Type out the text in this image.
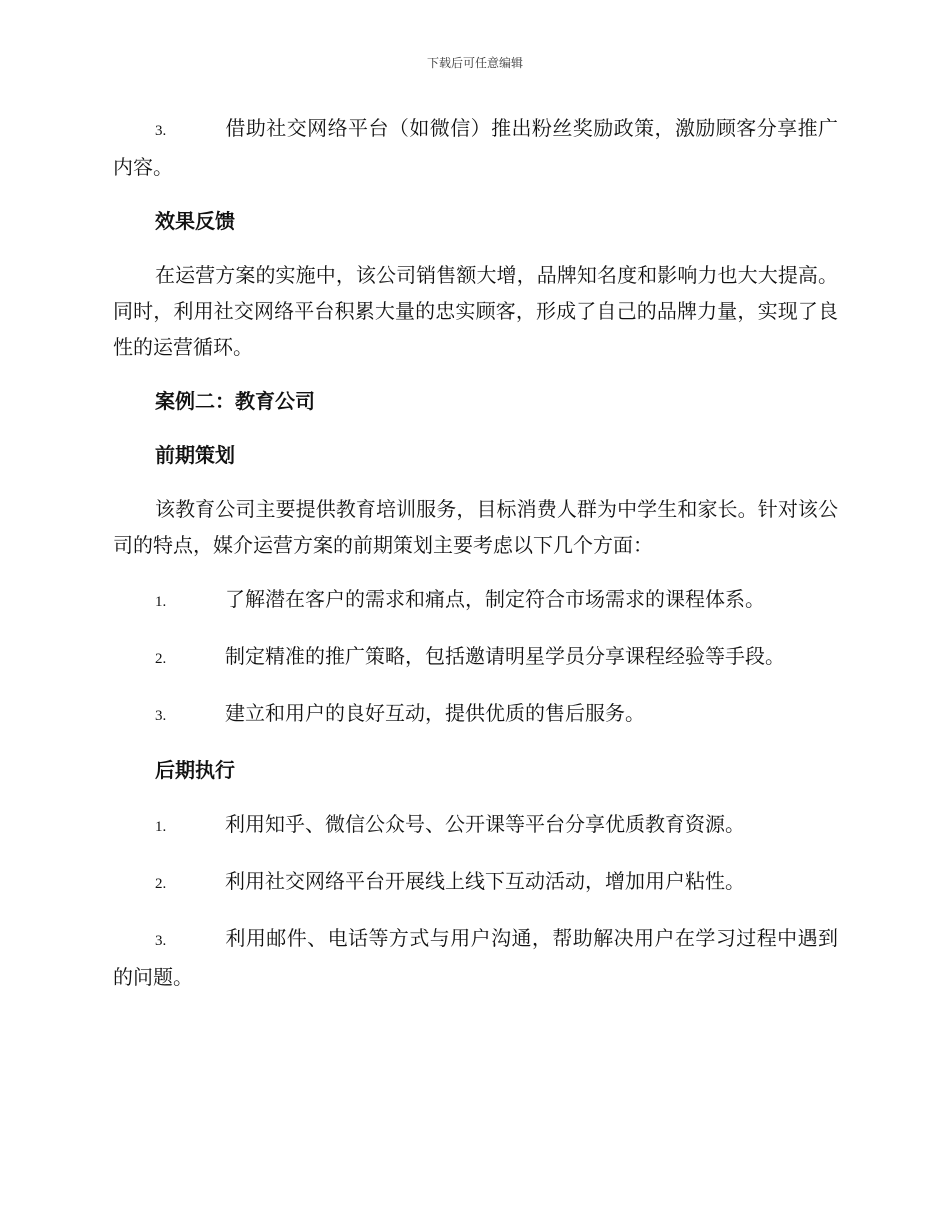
下载后可任意编辑
3.	借助社交网络平台（如微信）推出粉丝奖励政策，激励顾客分享推广内容。
效果反馈
在运营方案的实施中，该公司销售额大增，品牌知名度和影响力也大大提高。同时，利用社交网络平台积累大量的忠实顾客，形成了自己的品牌力量，实现了良性的运营循环。
案例二：教育公司
前期策划
该教育公司主要提供教育培训服务，目标消费人群为中学生和家长。针对该公司的特点，媒介运营方案的前期策划主要考虑以下几个方面：
1.	了解潜在客户的需求和痛点，制定符合市场需求的课程体系。
2.	制定精准的推广策略，包括邀请明星学员分享课程经验等手段。
3.	建立和用户的良好互动，提供优质的售后服务。
后期执行
1.	利用知乎、微信公众号、公开课等平台分享优质教育资源。
2.	利用社交网络平台开展线上线下互动活动，增加用户粘性。
3.	利用邮件、电话等方式与用户沟通，帮助解决用户在学习过程中遇到的问题。
